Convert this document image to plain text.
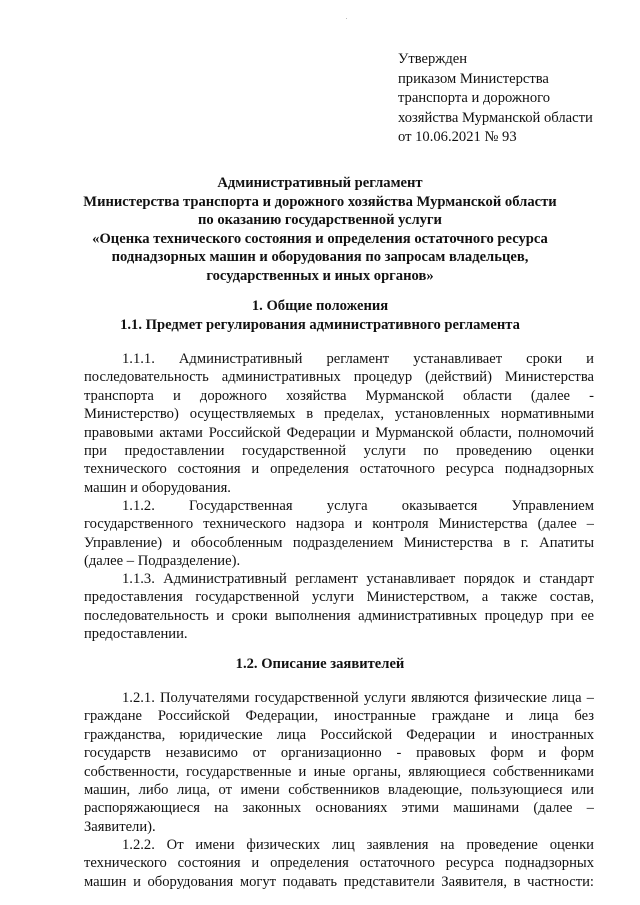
Утвержден
приказом Министерства
транспорта и дорожного
хозяйства Мурманской области
от 10.06.2021 № 93
Административный регламент
Министерства транспорта и дорожного хозяйства Мурманской области
по оказанию государственной услуги
«Оценка технического состояния и определения остаточного ресурса
поднадзорных машин и оборудования по запросам владельцев,
государственных и иных органов»
1. Общие положения
1.1. Предмет регулирования административного регламента
1.1.1. Административный регламент устанавливает сроки и
последовательность административных процедур (действий) Министерства
транспорта и дорожного хозяйства Мурманской области (далее -
Министерство) осуществляемых в пределах, установленных нормативными
правовыми актами Российской Федерации и Мурманской области, полномочий
при предоставлении государственной услуги по проведению оценки
технического состояния и определения остаточного ресурса поднадзорных
машин и оборудования.
1.1.2. Государственная услуга оказывается Управлением
государственного технического надзора и контроля Министерства (далее –
Управление) и обособленным подразделением Министерства в г. Апатиты
(далее – Подразделение).
1.1.3. Административный регламент устанавливает порядок и стандарт
предоставления государственной услуги Министерством, а также состав,
последовательность и сроки выполнения административных процедур при ее
предоставлении.
1.2. Описание заявителей
1.2.1. Получателями государственной услуги являются физические лица –
граждане Российской Федерации, иностранные граждане и лица без
гражданства, юридические лица Российской Федерации и иностранных
государств независимо от организационно - правовых форм и форм
собственности, государственные и иные органы, являющиеся собственниками
машин, либо лица, от имени собственников владеющие, пользующиеся или
распоряжающиеся на законных основаниях этими машинами (далее –
Заявители).
1.2.2. От имени физических лиц заявления на проведение оценки
технического состояния и определения остаточного ресурса поднадзорных
машин и оборудования могут подавать представители Заявителя, в частности:
